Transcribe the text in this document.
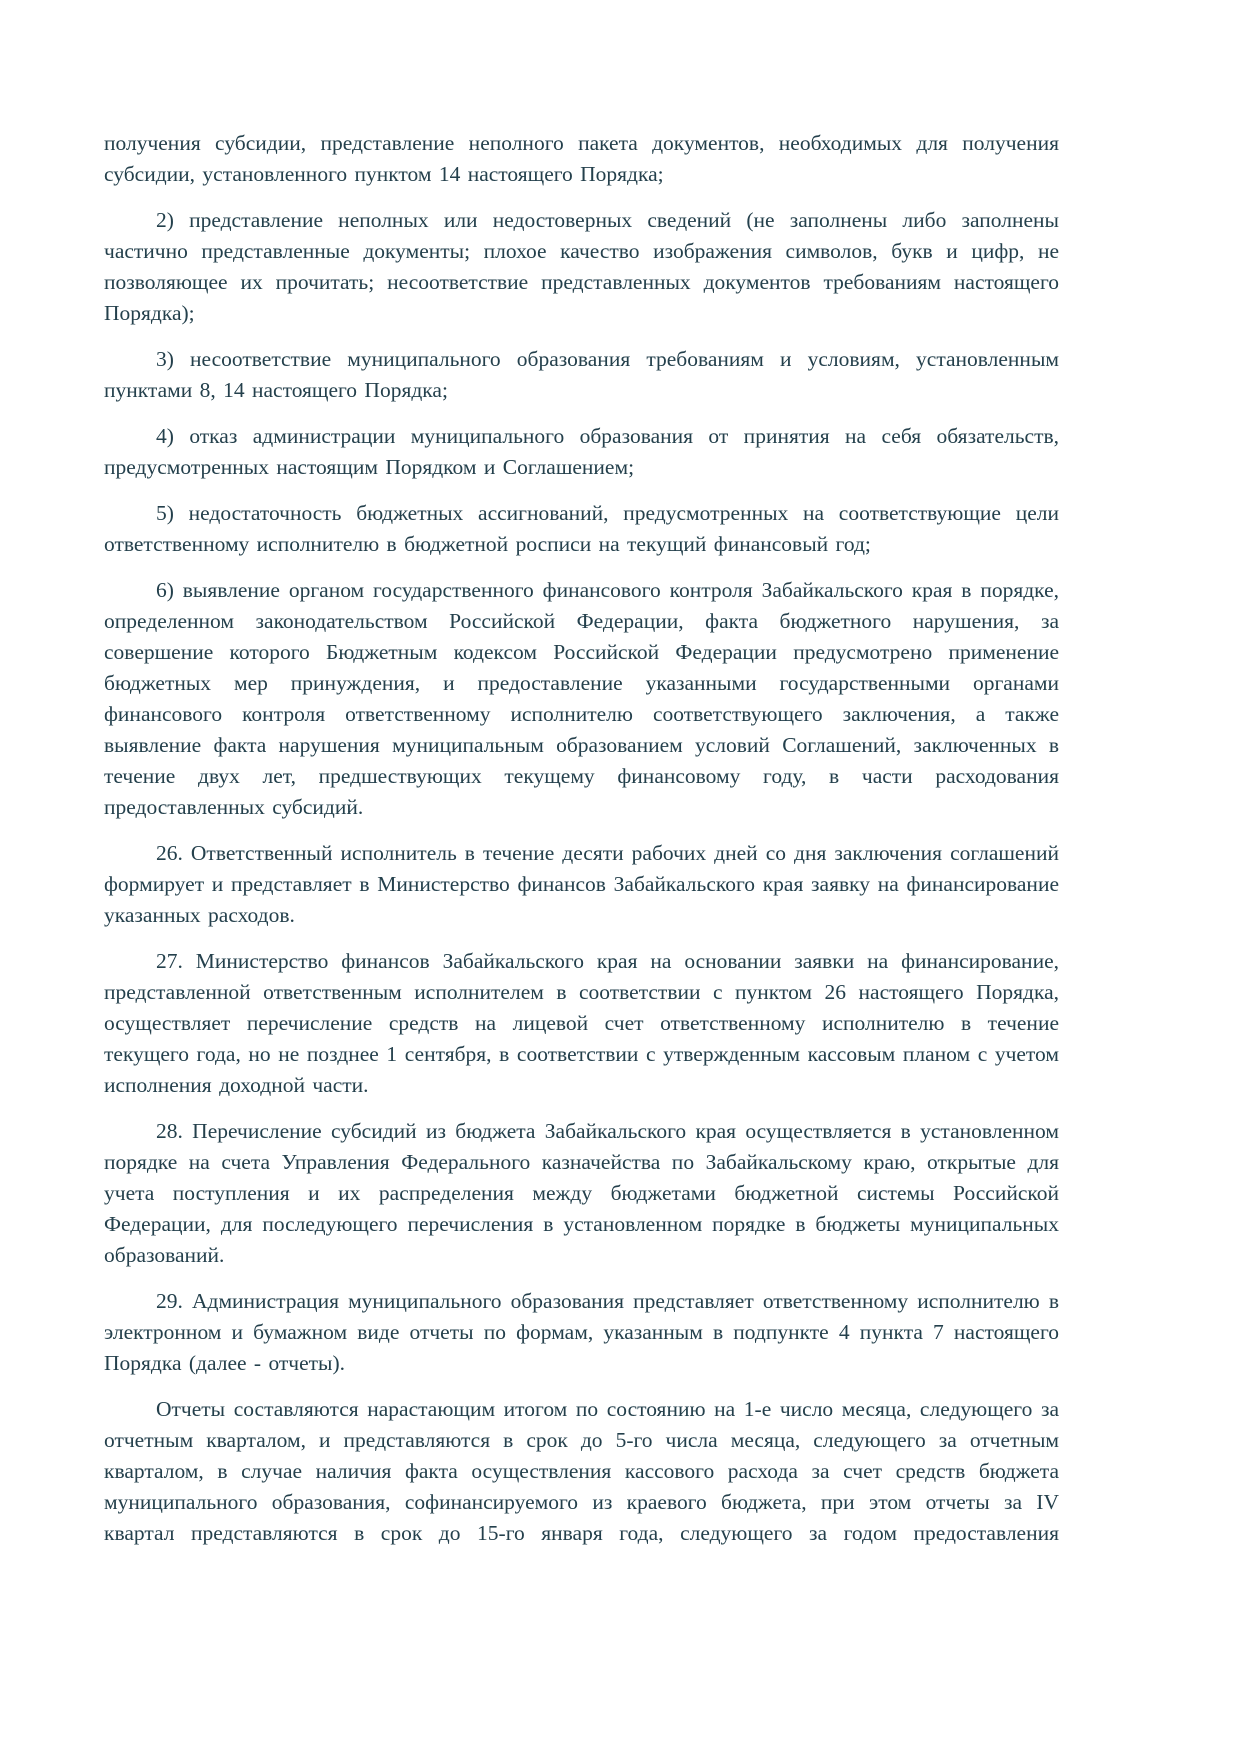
получения субсидии, представление неполного пакета документов, необходимых для получения субсидии, установленного пунктом 14 настоящего Порядка;

2) представление неполных или недостоверных сведений (не заполнены либо заполнены частично представленные документы; плохое качество изображения символов, букв и цифр, не позволяющее их прочитать; несоответствие представленных документов требованиям настоящего Порядка);

3) несоответствие муниципального образования требованиям и условиям, установленным пунктами 8, 14 настоящего Порядка;

4) отказ администрации муниципального образования от принятия на себя обязательств, предусмотренных настоящим Порядком и Соглашением;

5) недостаточность бюджетных ассигнований, предусмотренных на соответствующие цели ответственному исполнителю в бюджетной росписи на текущий финансовый год;

6) выявление органом государственного финансового контроля Забайкальского края в порядке, определенном законодательством Российской Федерации, факта бюджетного нарушения, за совершение которого Бюджетным кодексом Российской Федерации предусмотрено применение бюджетных мер принуждения, и предоставление указанными государственными органами финансового контроля ответственному исполнителю соответствующего заключения, а также выявление факта нарушения муниципальным образованием условий Соглашений, заключенных в течение двух лет, предшествующих текущему финансовому году, в части расходования предоставленных субсидий.

26. Ответственный исполнитель в течение десяти рабочих дней со дня заключения соглашений формирует и представляет в Министерство финансов Забайкальского края заявку на финансирование указанных расходов.

27. Министерство финансов Забайкальского края на основании заявки на финансирование, представленной ответственным исполнителем в соответствии с пунктом 26 настоящего Порядка, осуществляет перечисление средств на лицевой счет ответственному исполнителю в течение текущего года, но не позднее 1 сентября, в соответствии с утвержденным кассовым планом с учетом исполнения доходной части.

28. Перечисление субсидий из бюджета Забайкальского края осуществляется в установленном порядке на счета Управления Федерального казначейства по Забайкальскому краю, открытые для учета поступления и их распределения между бюджетами бюджетной системы Российской Федерации, для последующего перечисления в установленном порядке в бюджеты муниципальных образований.

29. Администрация муниципального образования представляет ответственному исполнителю в электронном и бумажном виде отчеты по формам, указанным в подпункте 4 пункта 7 настоящего Порядка (далее - отчеты).

Отчеты составляются нарастающим итогом по состоянию на 1-е число месяца, следующего за отчетным кварталом, и представляются в срок до 5-го числа месяца, следующего за отчетным кварталом, в случае наличия факта осуществления кассового расхода за счет средств бюджета муниципального образования, софинансируемого из краевого бюджета, при этом отчеты за IV квартал представляются в срок до 15-го января года, следующего за годом предоставления
